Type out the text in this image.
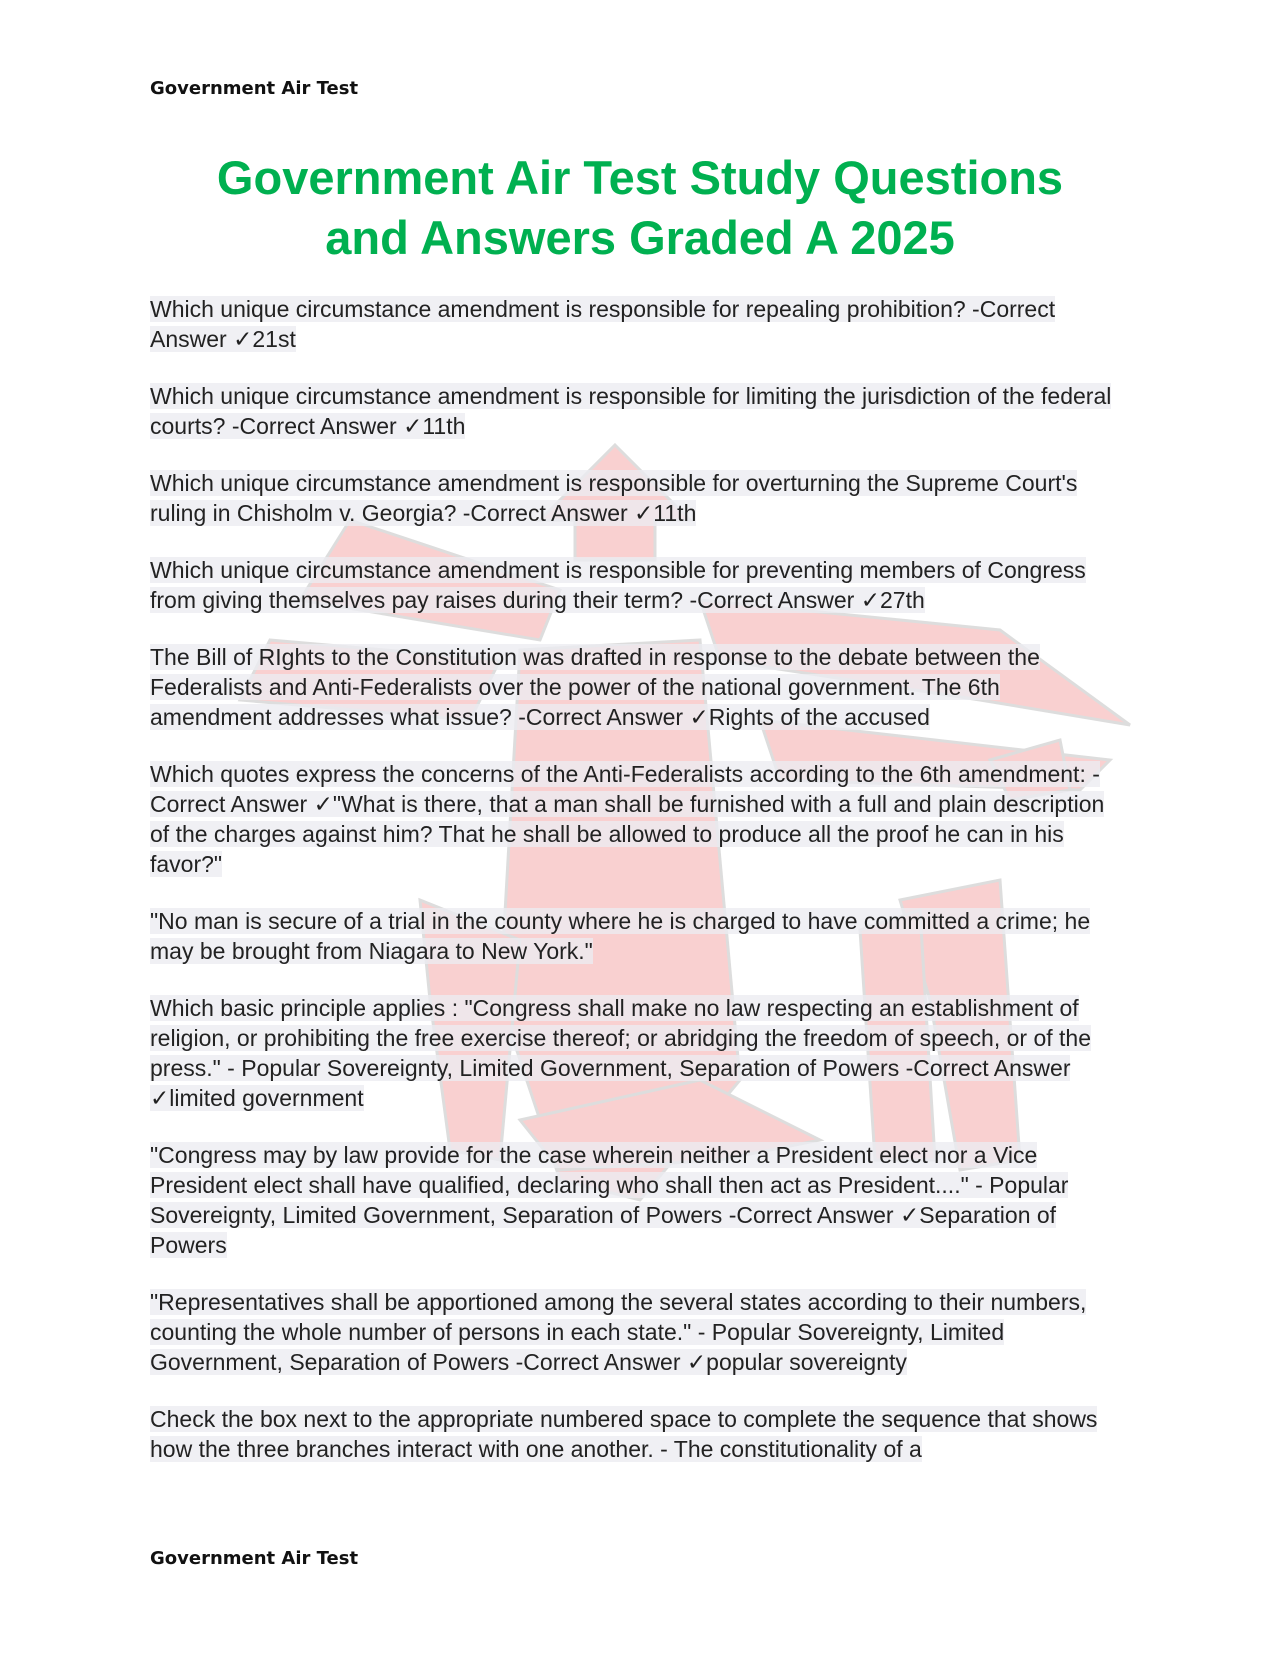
Government Air Test
Government Air Test Study Questions
and Answers Graded A 2025

Which unique circumstance amendment is responsible for repealing prohibition? -Correct Answer ✓21st

Which unique circumstance amendment is responsible for limiting the jurisdiction of the federal courts? -Correct Answer ✓11th

Which unique circumstance amendment is responsible for overturning the Supreme Court's ruling in Chisholm v. Georgia? -Correct Answer ✓11th

Which unique circumstance amendment is responsible for preventing members of Congress from giving themselves pay raises during their term? -Correct Answer ✓27th

The Bill of RIghts to the Constitution was drafted in response to the debate between the Federalists and Anti-Federalists over the power of the national government. The 6th amendment addresses what issue? -Correct Answer ✓Rights of the accused

Which quotes express the concerns of the Anti-Federalists according to the 6th amendment: -Correct Answer ✓"What is there, that a man shall be furnished with a full and plain description of the charges against him? That he shall be allowed to produce all the proof he can in his favor?"

"No man is secure of a trial in the county where he is charged to have committed a crime; he may be brought from Niagara to New York."

Which basic principle applies : "Congress shall make no law respecting an establishment of religion, or prohibiting the free exercise thereof; or abridging the freedom of speech, or of the press." - Popular Sovereignty, Limited Government, Separation of Powers -Correct Answer ✓limited government

"Congress may by law provide for the case wherein neither a President elect nor a Vice President elect shall have qualified, declaring who shall then act as President...." - Popular Sovereignty, Limited Government, Separation of Powers -Correct Answer ✓Separation of Powers

"Representatives shall be apportioned among the several states according to their numbers, counting the whole number of persons in each state." - Popular Sovereignty, Limited Government, Separation of Powers -Correct Answer ✓popular sovereignty

Check the box next to the appropriate numbered space to complete the sequence that shows how the three branches interact with one another. - The constitutionality of a

Government Air Test
